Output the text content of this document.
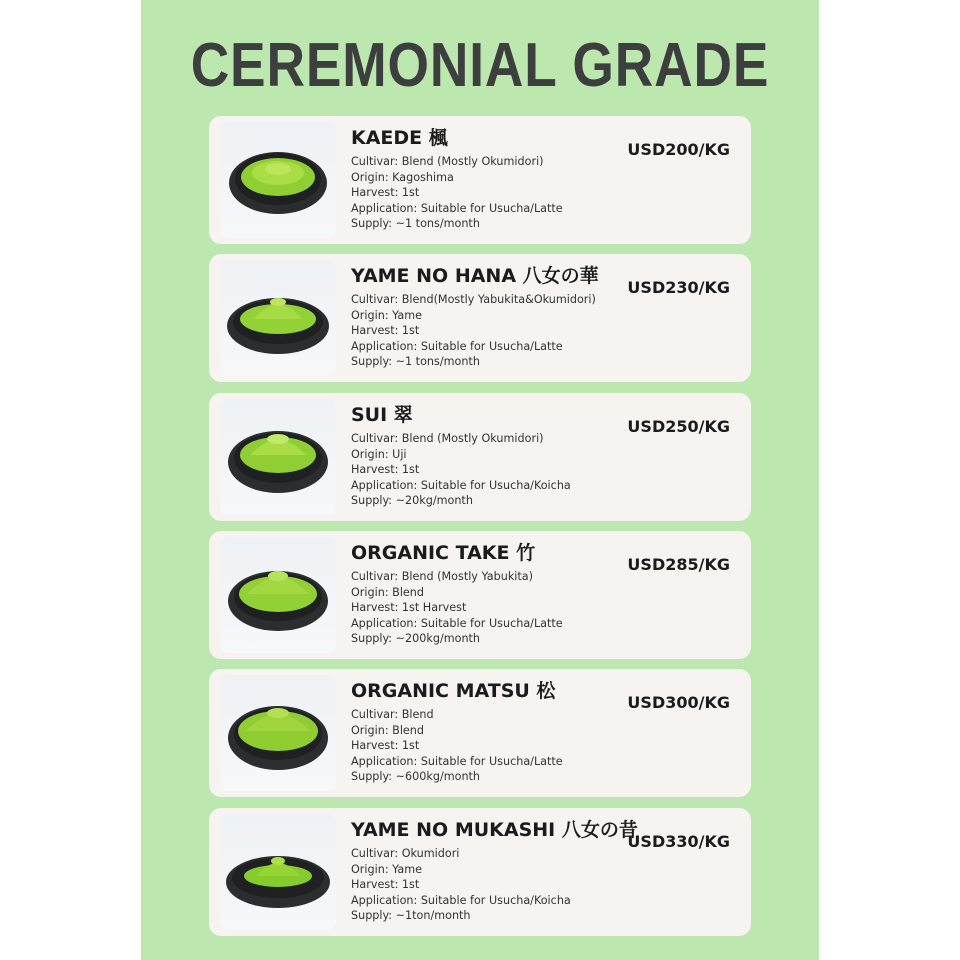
CEREMONIAL GRADE
KAEDE 楓
Cultivar: Blend (Mostly Okumidori)
Origin: Kagoshima
Harvest: 1st
Application: Suitable for Usucha/Latte
Supply: ~1 tons/month
USD200/KG
YAME NO HANA 八女の華
Cultivar: Blend(Mostly Yabukita&Okumidori)
Origin: Yame
Harvest: 1st
Application: Suitable for Usucha/Latte
Supply: ~1 tons/month
USD230/KG
SUI 翠
Cultivar: Blend (Mostly Okumidori)
Origin: Uji
Harvest: 1st
Application: Suitable for Usucha/Koicha
Supply: ~20kg/month
USD250/KG
ORGANIC TAKE 竹
Cultivar: Blend (Mostly Yabukita)
Origin: Blend
Harvest: 1st Harvest
Application: Suitable for Usucha/Latte
Supply: ~200kg/month
USD285/KG
ORGANIC MATSU 松
Cultivar: Blend
Origin: Blend
Harvest: 1st
Application: Suitable for Usucha/Latte
Supply: ~600kg/month
USD300/KG
YAME NO MUKASHI 八女の昔
Cultivar: Okumidori
Origin: Yame
Harvest: 1st
Application: Suitable for Usucha/Koicha
Supply: ~1ton/month
USD330/KG
